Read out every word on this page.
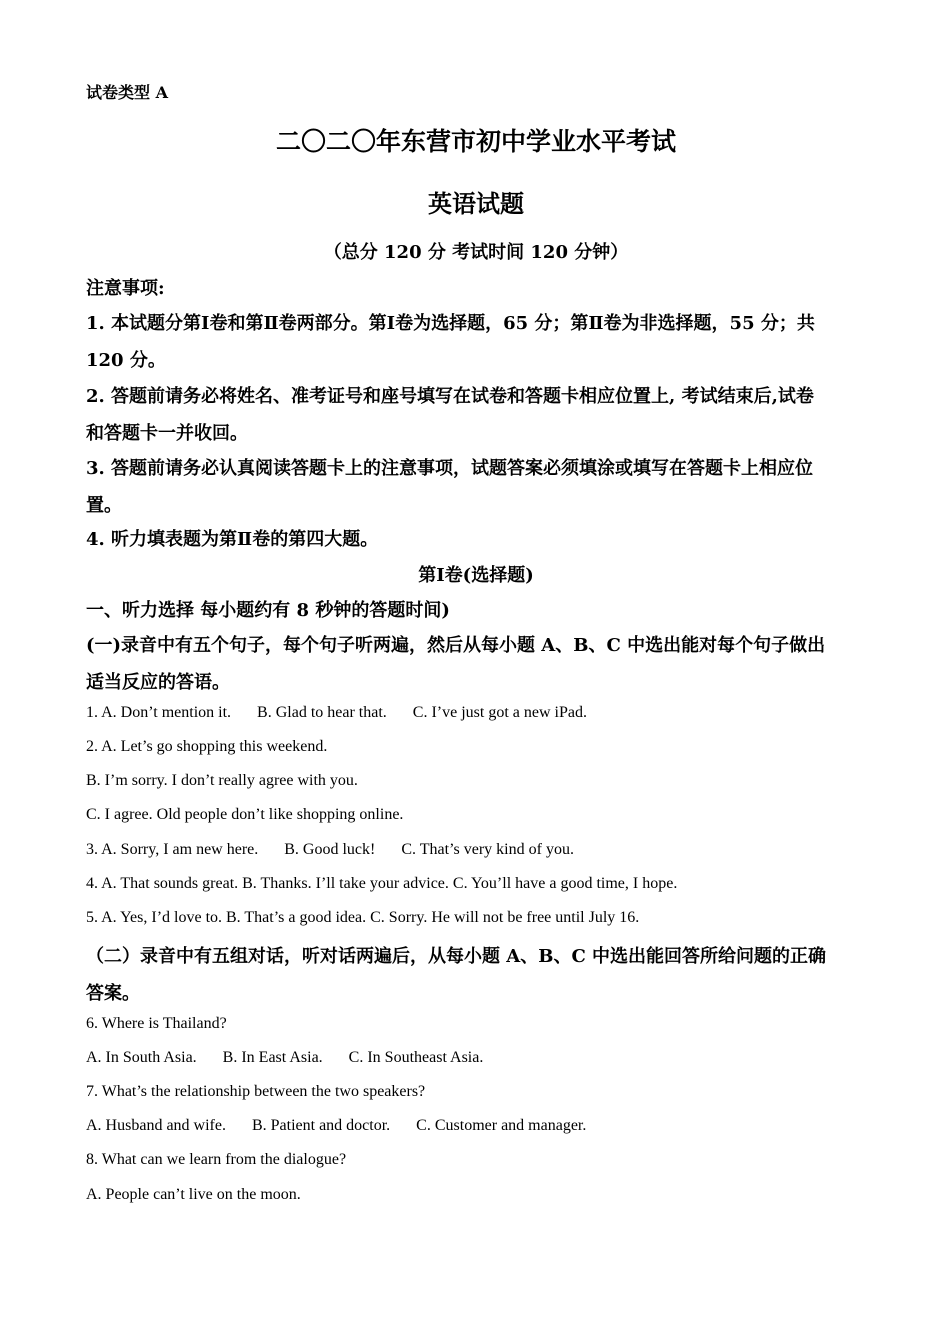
试卷类型 A
二〇二〇年东营市初中学业水平考试
英语试题
（总分 120 分 考试时间 120 分钟）
注意事项:
1. 本试题分第Ⅰ卷和第Ⅱ卷两部分。第Ⅰ卷为选择题，65 分；第Ⅱ卷为非选择题，55 分；共
120 分。
2. 答题前请务必将姓名、准考证号和座号填写在试卷和答题卡相应位置上, 考试结束后,试卷
和答题卡一并收回。
3. 答题前请务必认真阅读答题卡上的注意事项，试题答案必须填涂或填写在答题卡上相应位
置。
4. 听力填表题为第Ⅱ卷的第四大题。
第Ⅰ卷(选择题)
一、听力选择 每小题约有 8 秒钟的答题时间)
(一)录音中有五个句子，每个句子听两遍，然后从每小题 A、B、C 中选出能对每个句子做出
适当反应的答语。
1. A. Don’t mention it. B. Glad to hear that. C. I’ve just got a new iPad.
2. A. Let’s go shopping this weekend.
B. I’m sorry. I don’t really agree with you.
C. I agree. Old people don’t like shopping online.
3. A. Sorry, I am new here. B. Good luck! C. That’s very kind of you.
4. A. That sounds great. B. Thanks. I’ll take your advice. C. You’ll have a good time, I hope.
5. A. Yes, I’d love to. B. That’s a good idea. C. Sorry. He will not be free until July 16.
（二）录音中有五组对话，听对话两遍后，从每小题 A、B、C 中选出能回答所给问题的正确
答案。
6. Where is Thailand?
A. In South Asia. B. In East Asia. C. In Southeast Asia.
7. What’s the relationship between the two speakers?
A. Husband and wife. B. Patient and doctor. C. Customer and manager.
8. What can we learn from the dialogue?
A. People can’t live on the moon.
